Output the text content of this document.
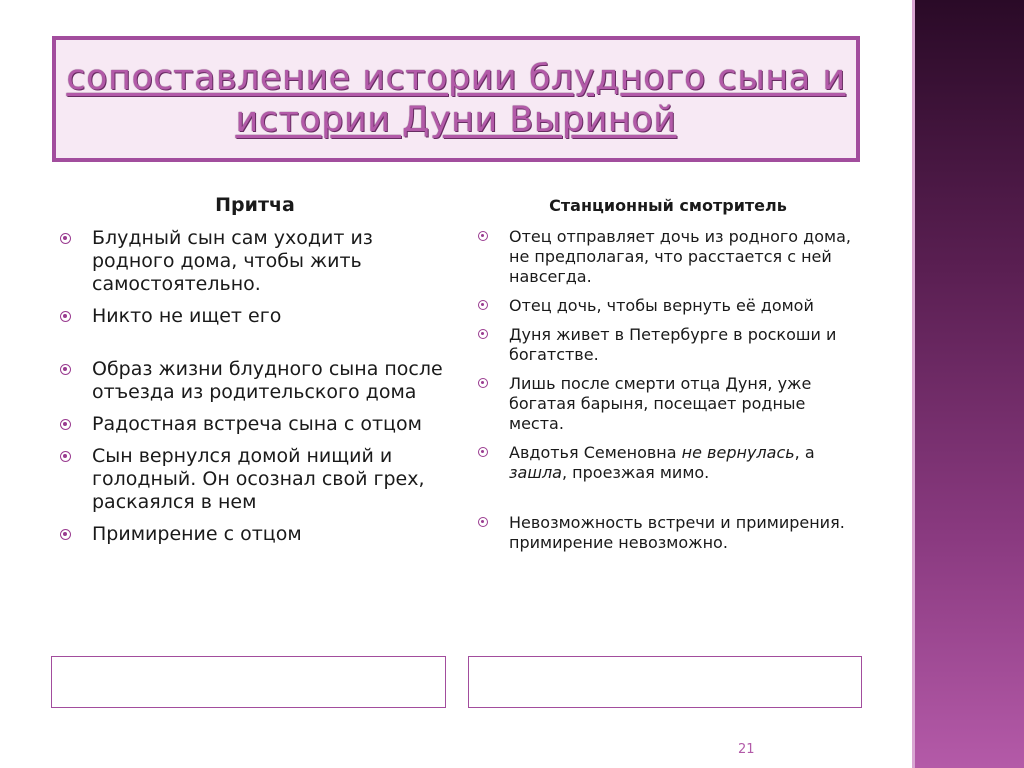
сопоставление истории блудного сына и истории Дуни Выриной

Притча

Блудный сын сам уходит из родного дома, чтобы жить самостоятельно.
Никто не ищет его
Образ жизни блудного сына после отъезда из родительского дома
Радостная встреча сына с отцом
Сын вернулся домой нищий и голодный. Он осознал свой грех, раскаялся в нем
Примирение с отцом

Станционный смотритель

Отец отправляет дочь из родного дома, не предполагая, что расстается с ней навсегда.
Отец дочь, чтобы вернуть её домой
Дуня живет в Петербурге в роскоши и богатстве.
Лишь после смерти отца Дуня, уже богатая барыня, посещает родные места.
Авдотья Семеновна не вернулась, а зашла, проезжая мимо.
Невозможность встречи и примирения. примирение невозможно.
21
